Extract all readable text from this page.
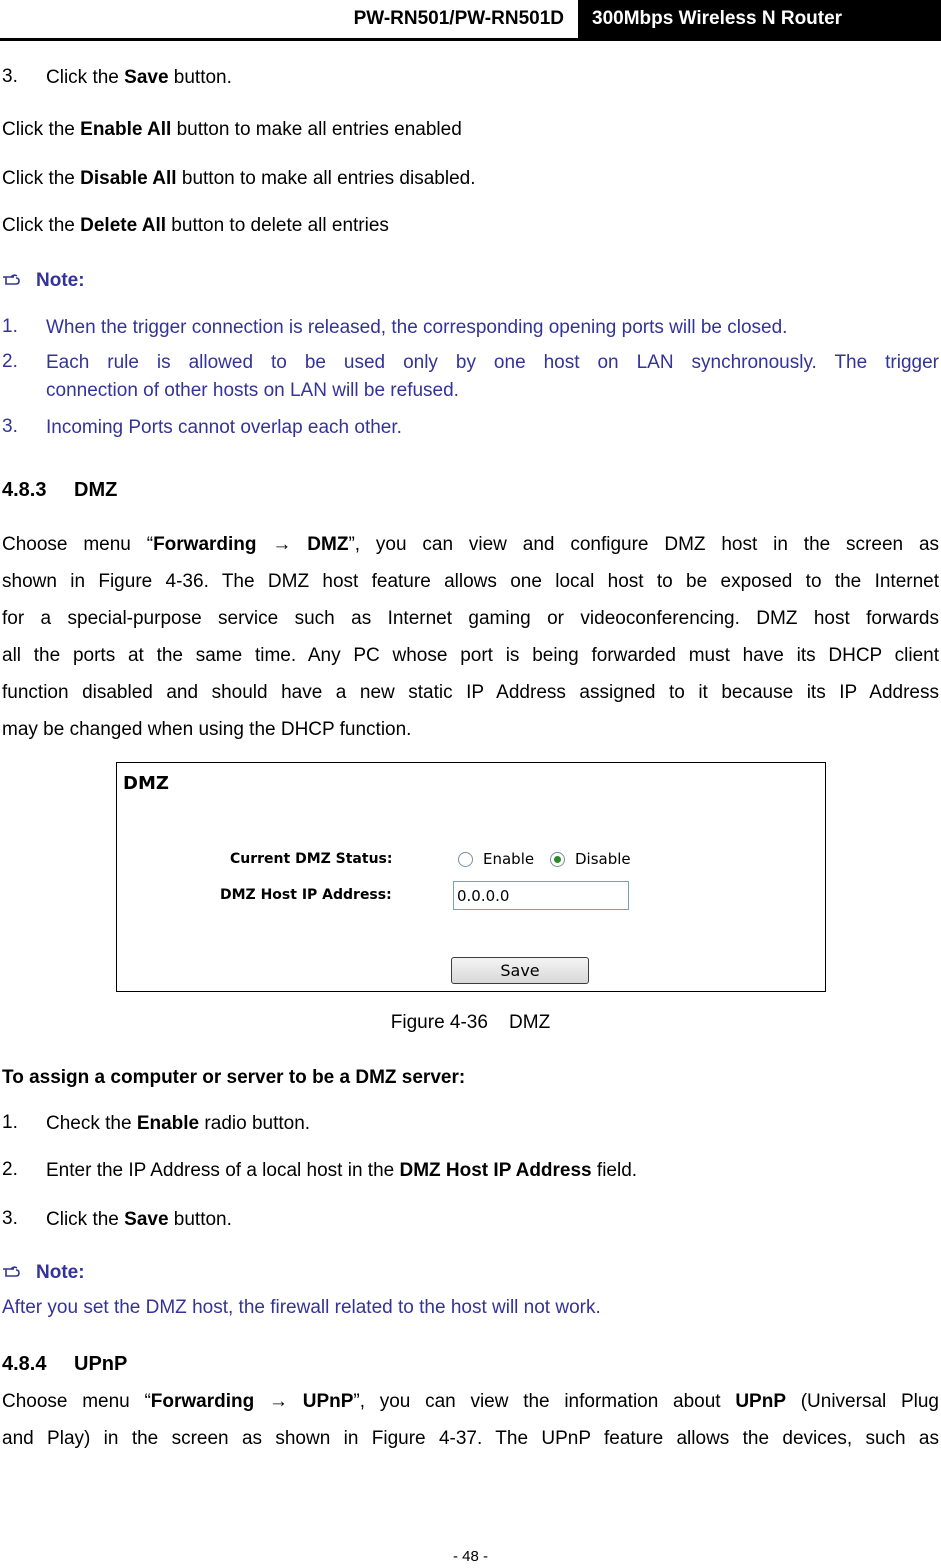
PW-RN501/PW-RN501D	300Mbps Wireless N Router
3. Click the Save button.
Click the Enable All button to make all entries enabled
Click the Disable All button to make all entries disabled.
Click the Delete All button to delete all entries
Note:
1. When the trigger connection is released, the corresponding opening ports will be closed.
2. Each rule is allowed to be used only by one host on LAN synchronously. The trigger
connection of other hosts on LAN will be refused.
3. Incoming Ports cannot overlap each other.
4.8.3 DMZ
Choose menu “Forwarding → DMZ”, you can view and configure DMZ host in the screen as
shown in Figure 4-36. The DMZ host feature allows one local host to be exposed to the Internet
for a special-purpose service such as Internet gaming or videoconferencing. DMZ host forwards
all the ports at the same time. Any PC whose port is being forwarded must have its DHCP client
function disabled and should have a new static IP Address assigned to it because its IP Address
may be changed when using the DHCP function.
DMZ
Current DMZ Status:	Enable	Disable
DMZ Host IP Address:	0.0.0.0
Save
Figure 4-36    DMZ
To assign a computer or server to be a DMZ server:
1. Check the Enable radio button.
2. Enter the IP Address of a local host in the DMZ Host IP Address field.
3. Click the Save button.
Note:
After you set the DMZ host, the firewall related to the host will not work.
4.8.4 UPnP
Choose menu “Forwarding → UPnP”, you can view the information about UPnP (Universal Plug
and Play) in the screen as shown in Figure 4-37. The UPnP feature allows the devices, such as
- 48 -
